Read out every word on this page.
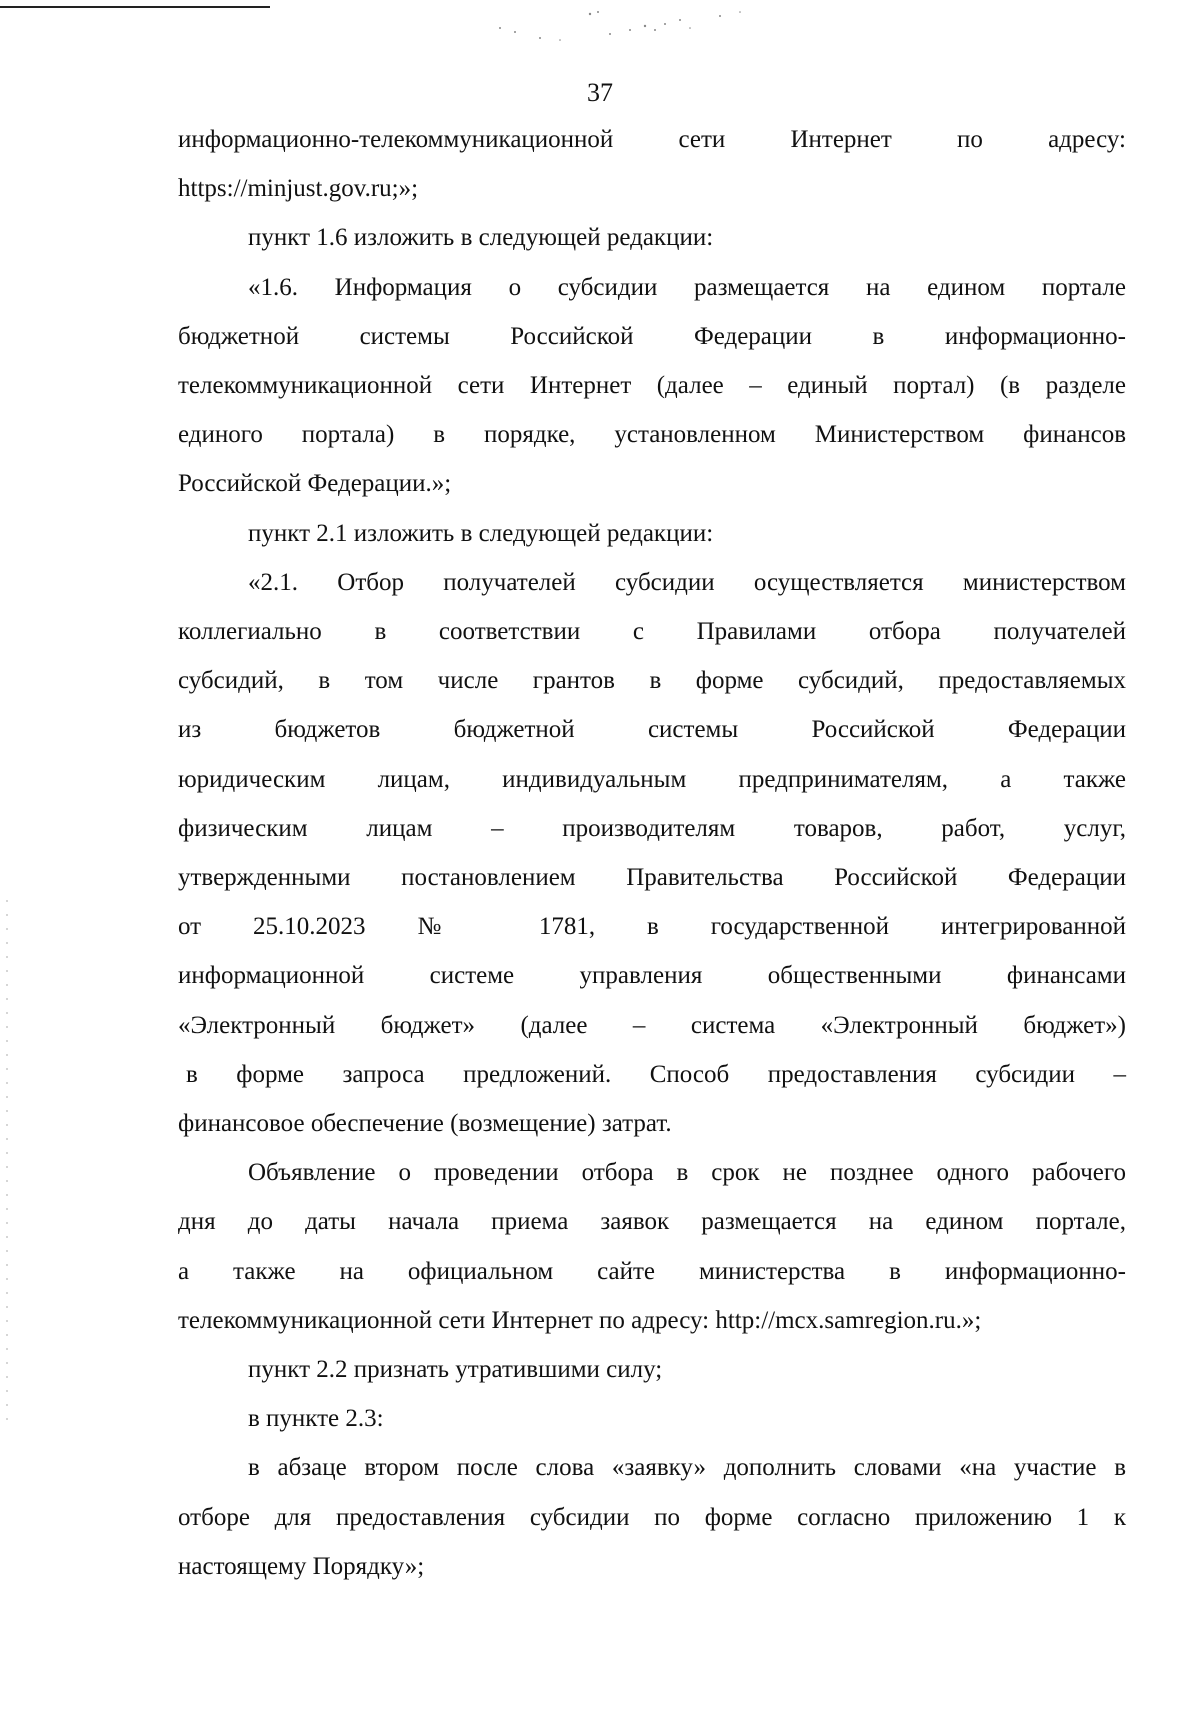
37

информационно-телекоммуникационной сети Интернет по адресу:
https://minjust.gov.ru;»;

пункт 1.6 изложить в следующей редакции:

«1.6. Информация о субсидии размещается на едином портале
бюджетной системы Российской Федерации в информационно-
телекоммуникационной сети Интернет (далее – единый портал) (в разделе
единого портала) в порядке, установленном Министерством финансов
Российской Федерации.»;

пункт 2.1 изложить в следующей редакции:

«2.1. Отбор получателей субсидии осуществляется министерством
коллегиально в соответствии с Правилами отбора получателей
субсидий, в том числе грантов в форме субсидий, предоставляемых
из бюджетов бюджетной системы Российской Федерации
юридическим лицам, индивидуальным предпринимателям, а также
физическим лицам – производителям товаров, работ, услуг,
утвержденными постановлением Правительства Российской Федерации
от 25.10.2023 № 1781, в государственной интегрированной
информационной системе управления общественными финансами
«Электронный бюджет» (далее – система «Электронный бюджет»)
в форме запроса предложений. Способ предоставления субсидии –
финансовое обеспечение (возмещение) затрат.

Объявление о проведении отбора в срок не позднее одного рабочего
дня до даты начала приема заявок размещается на едином портале,
а также на официальном сайте министерства в информационно-
телекоммуникационной сети Интернет по адресу: http://mcx.samregion.ru.»;

пункт 2.2 признать утратившими силу;

в пункте 2.3:

в абзаце втором после слова «заявку» дополнить словами «на участие в
отборе для предоставления субсидии по форме согласно приложению 1 к
настоящему Порядку»;
